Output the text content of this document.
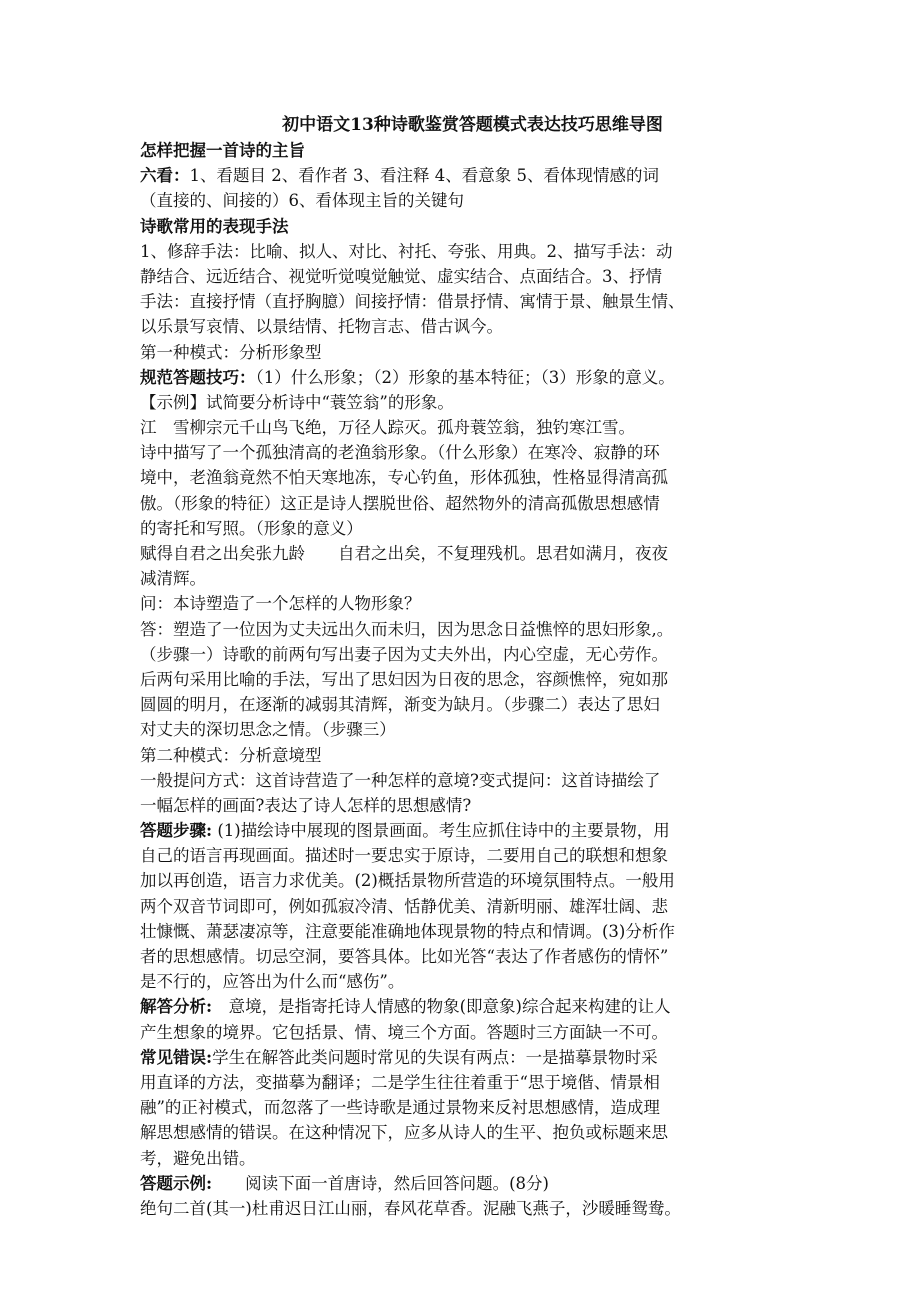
初中语文13种诗歌鉴赏答题模式表达技巧思维导图
怎样把握一首诗的主旨
六看：1、看题目 2、看作者 3、看注释 4、看意象 5、看体现情感的词
（直接的、间接的）6、看体现主旨的关键句
诗歌常用的表现手法
1、修辞手法：比喻、拟人、对比、衬托、夸张、用典。2、描写手法：动
静结合、远近结合、视觉听觉嗅觉触觉、虚实结合、点面结合。3、抒情
手法：直接抒情（直抒胸臆）间接抒情：借景抒情、寓情于景、触景生情、
以乐景写哀情、以景结情、托物言志、借古讽今。
第一种模式：分析形象型
规范答题技巧：（1）什么形象；（2）形象的基本特征；（3）形象的意义。
【示例】试简要分析诗中“蓑笠翁”的形象。
江　雪柳宗元千山鸟飞绝，万径人踪灭。孤舟蓑笠翁，独钓寒江雪。
诗中描写了一个孤独清高的老渔翁形象。（什么形象）在寒冷、寂静的环
境中，老渔翁竟然不怕天寒地冻，专心钓鱼，形体孤独，性格显得清高孤
傲。（形象的特征）这正是诗人摆脱世俗、超然物外的清高孤傲思想感情
的寄托和写照。（形象的意义）
赋得自君之出矣张九龄　　自君之出矣，不复理残机。思君如满月，夜夜
减清辉。
问：本诗塑造了一个怎样的人物形象？
答：塑造了一位因为丈夫远出久而未归，因为思念日益憔悴的思妇形象,。
（步骤一）诗歌的前两句写出妻子因为丈夫外出，内心空虚，无心劳作。
后两句采用比喻的手法，写出了思妇因为日夜的思念，容颜憔悴，宛如那
圆圆的明月，在逐渐的减弱其清辉，渐变为缺月。（步骤二）表达了思妇
对丈夫的深切思念之情。（步骤三）
第二种模式：分析意境型
一般提问方式：这首诗营造了一种怎样的意境?变式提问：这首诗描绘了
一幅怎样的画面?表达了诗人怎样的思想感情?
答题步骤: (1)描绘诗中展现的图景画面。考生应抓住诗中的主要景物，用
自己的语言再现画面。描述时一要忠实于原诗，二要用自己的联想和想象
加以再创造，语言力求优美。(2)概括景物所营造的环境氛围特点。一般用
两个双音节词即可，例如孤寂冷清、恬静优美、清新明丽、雄浑壮阔、悲
壮慷慨、萧瑟凄凉等，注意要能准确地体现景物的特点和情调。(3)分析作
者的思想感情。切忌空洞，要答具体。比如光答“表达了作者感伤的情怀”
是不行的，应答出为什么而“感伤”。
解答分析:　意境，是指寄托诗人情感的物象(即意象)综合起来构建的让人
产生想象的境界。它包括景、情、境三个方面。答题时三方面缺一不可。
常见错误:学生在解答此类问题时常见的失误有两点：一是描摹景物时采
用直译的方法，变描摹为翻译；二是学生往往着重于“思于境偕、情景相
融”的正衬模式，而忽落了一些诗歌是通过景物来反衬思想感情，造成理
解思想感情的错误。在这种情况下，应多从诗人的生平、抱负或标题来思
考，避免出错。
答题示例:　　阅读下面一首唐诗，然后回答问题。(8分)
绝句二首(其一)杜甫迟日江山丽，春风花草香。泥融飞燕子，沙暖睡鸳鸯。
